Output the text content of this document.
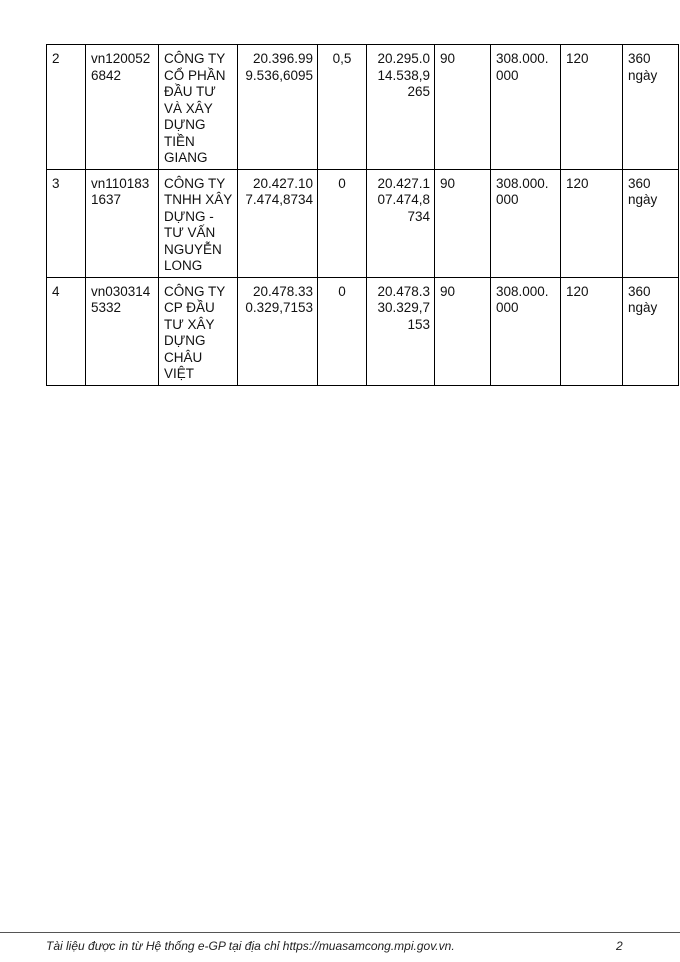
2	vn1200526842	CÔNG TY CỔ PHẦN ĐẦU TƯ VÀ XÂY DỰNG TIỀN GIANG	20.396.999.536,6095	0,5	20.295.014.538,9265	90	308.000.000	120	360 ngày
3	vn1101831637	CÔNG TY TNHH XÂY DỰNG - TƯ VẤN NGUYỄN LONG	20.427.107.474,8734	0	20.427.107.474,8734	90	308.000.000	120	360 ngày
4	vn0303145332	CÔNG TY CP ĐẦU TƯ XÂY DỰNG CHÂU VIỆT	20.478.330.329,7153	0	20.478.330.329,7153	90	308.000.000	120	360 ngày
Tài liệu được in từ Hệ thống e-GP tại địa chỉ https://muasamcong.mpi.gov.vn.	2
